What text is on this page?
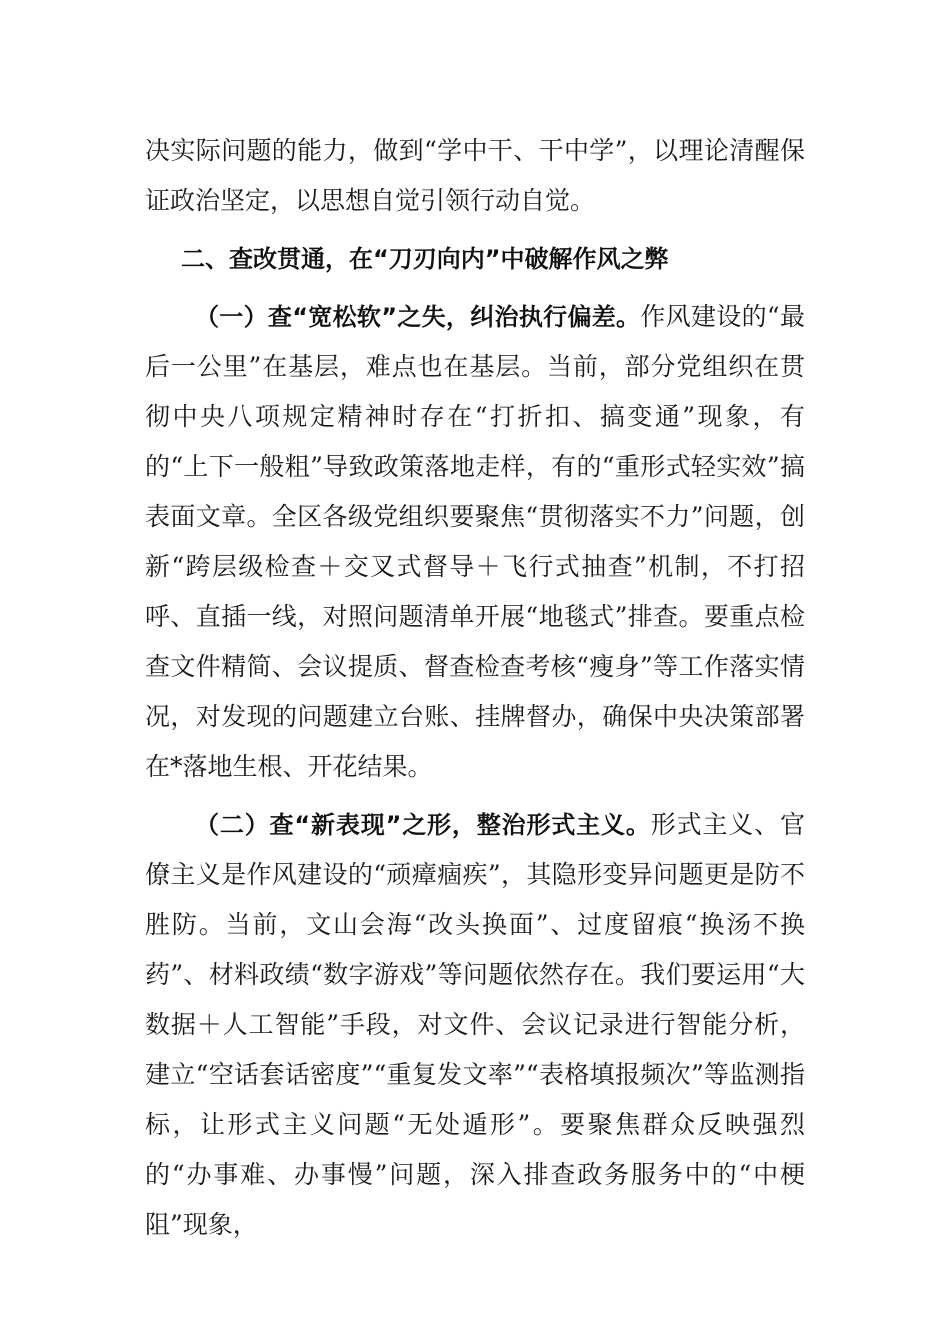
决实际问题的能力，做到“学中干、干中学”，以理论清醒保证政治坚定，以思想自觉引领行动自觉。

二、查改贯通，在“刀刃向内”中破解作风之弊

（一）查“宽松软”之失，纠治执行偏差。作风建设的“最后一公里”在基层，难点也在基层。当前，部分党组织在贯彻中央八项规定精神时存在“打折扣、搞变通”现象，有的“上下一般粗”导致政策落地走样，有的“重形式轻实效”搞表面文章。全区各级党组织要聚焦“贯彻落实不力”问题，创新“跨层级检查＋交叉式督导＋飞行式抽查”机制，不打招呼、直插一线，对照问题清单开展“地毯式”排查。要重点检查文件精简、会议提质、督查检查考核“瘦身”等工作落实情况，对发现的问题建立台账、挂牌督办，确保中央决策部署在*落地生根、开花结果。

（二）查“新表现”之形，整治形式主义。形式主义、官僚主义是作风建设的“顽瘴痼疾”，其隐形变异问题更是防不胜防。当前，文山会海“改头换面”、过度留痕“换汤不换药”、材料政绩“数字游戏”等问题依然存在。我们要运用“大数据＋人工智能”手段，对文件、会议记录进行智能分析，建立“空话套话密度”“重复发文率”“表格填报频次”等监测指标，让形式主义问题“无处遁形”。要聚焦群众反映强烈的“办事难、办事慢”问题，深入排查政务服务中的“中梗阻”现象，
